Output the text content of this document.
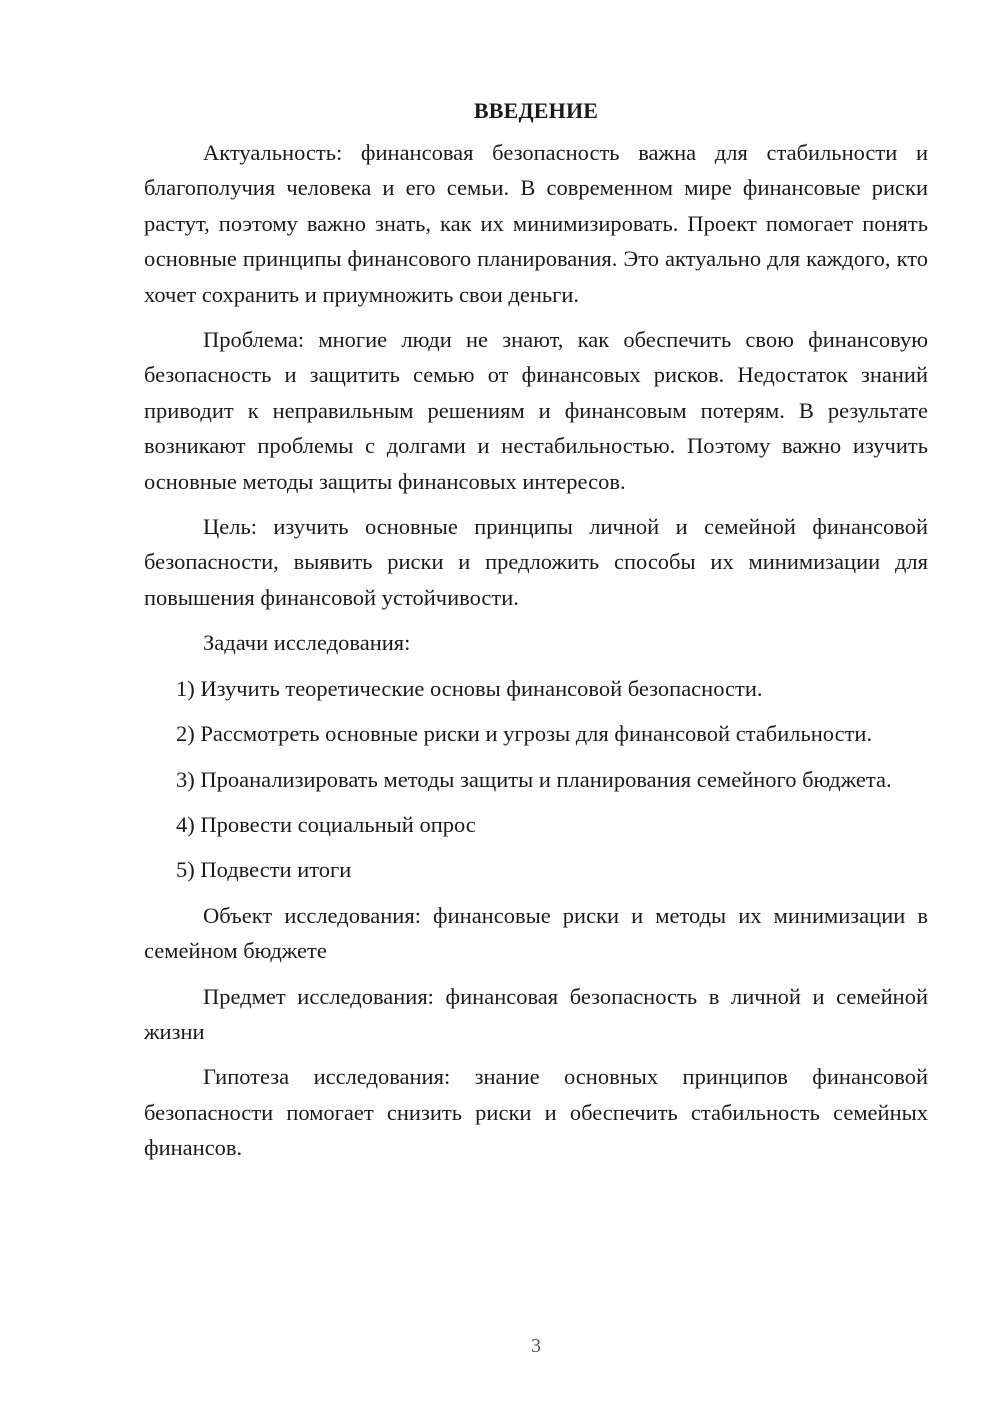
ВВЕДЕНИЕ

Актуальность: финансовая безопасность важна для стабильности и благополучия человека и его семьи. В современном мире финансовые риски растут, поэтому важно знать, как их минимизировать. Проект помогает понять основные принципы финансового планирования. Это актуально для каждого, кто хочет сохранить и приумножить свои деньги.

Проблема: многие люди не знают, как обеспечить свою финансовую безопасность и защитить семью от финансовых рисков. Недостаток знаний приводит к неправильным решениям и финансовым потерям. В результате возникают проблемы с долгами и нестабильностью. Поэтому важно изучить основные методы защиты финансовых интересов.

Цель: изучить основные принципы личной и семейной финансовой безопасности, выявить риски и предложить способы их минимизации для повышения финансовой устойчивости.

Задачи исследования:

1) Изучить теоретические основы финансовой безопасности.

2) Рассмотреть основные риски и угрозы для финансовой стабильности.

3) Проанализировать методы защиты и планирования семейного бюджета.

4) Провести социальный опрос

5) Подвести итоги

Объект исследования: финансовые риски и методы их минимизации в семейном бюджете

Предмет исследования: финансовая безопасность в личной и семейной жизни

Гипотеза исследования: знание основных принципов финансовой безопасности помогает снизить риски и обеспечить стабильность семейных финансов.

3
